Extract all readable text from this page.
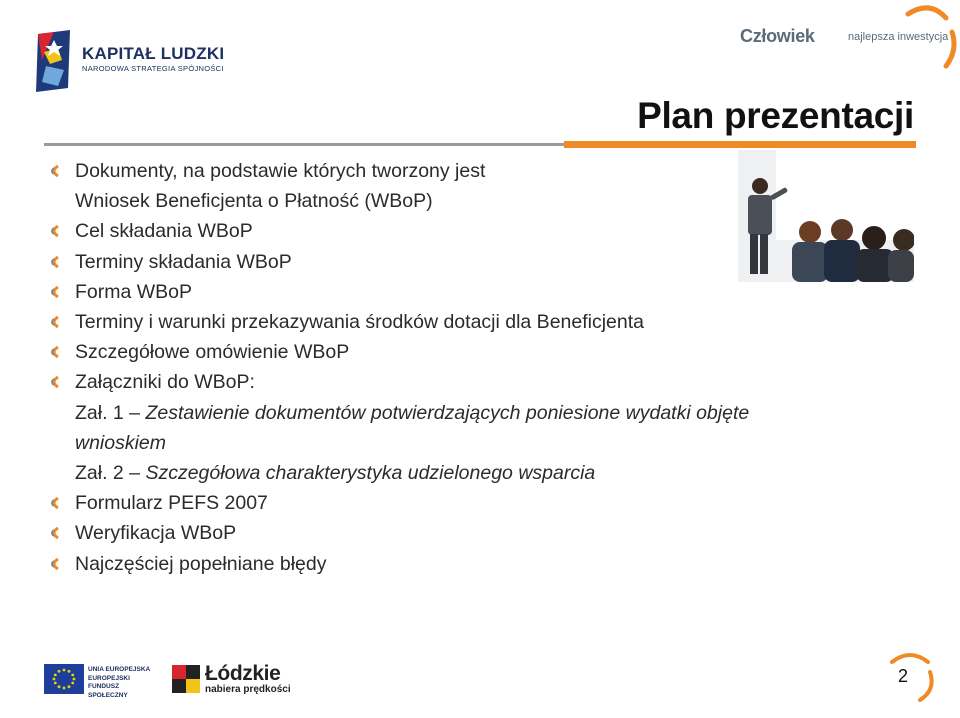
KAPITAŁ LUDZKI
NARODOWA STRATEGIA SPÓJNOŚCI
Człowiek	najlepsza inwestycja
Plan prezentacji
Dokumenty, na podstawie których tworzony jest Wniosek Beneficjenta o Płatność (WBoP)
Cel składania WBoP
Terminy składania WBoP
Forma WBoP
Terminy i warunki przekazywania środków dotacji dla Beneficjenta
Szczegółowe omówienie WBoP
Załączniki do WBoP:
Zał. 1 – Zestawienie dokumentów potwierdzających poniesione wydatki objęte wnioskiem
Zał. 2 – Szczegółowa charakterystyka udzielonego wsparcia
Formularz PEFS 2007
Weryfikacja WBoP
Najczęściej popełniane błędy
UNIA EUROPEJSKA EUROPEJSKI FUNDUSZ SPOŁECZNY
Łódzkie
nabiera prędkości
2
